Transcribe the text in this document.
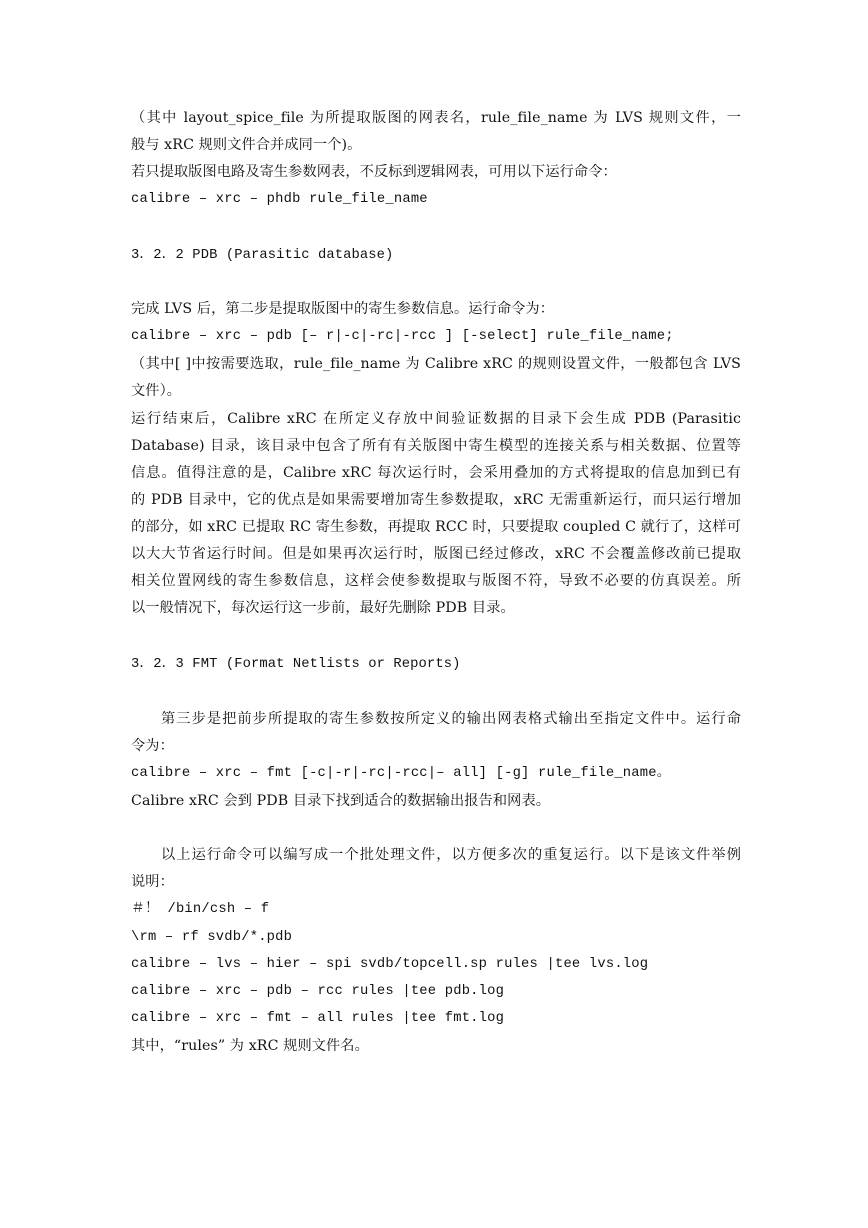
（其中 layout_spice_file 为所提取版图的网表名，rule_file_name 为 LVS 规则文件，一
般与 xRC 规则文件合并成同一个)。
若只提取版图电路及寄生参数网表，不反标到逻辑网表，可用以下运行命令：
calibre – xrc – phdb rule_file_name
3．2．2 PDB (Parasitic database)
完成 LVS 后，第二步是提取版图中的寄生参数信息。运行命令为：
calibre – xrc – pdb [– r|-c|-rc|-rcc ] [-select] rule_file_name;
（其中[ ]中按需要选取，rule_file_name 为 Calibre xRC 的规则设置文件，一般都包含 LVS
文件）。
运行结束后，Calibre xRC 在所定义存放中间验证数据的目录下会生成 PDB (Parasitic
Database) 目录，该目录中包含了所有有关版图中寄生模型的连接关系与相关数据、位置等
信息。值得注意的是，Calibre xRC 每次运行时，会采用叠加的方式将提取的信息加到已有
的 PDB 目录中，它的优点是如果需要增加寄生参数提取，xRC 无需重新运行，而只运行增加
的部分，如 xRC 已提取 RC 寄生参数，再提取 RCC 时，只要提取 coupled C 就行了，这样可
以大大节省运行时间。但是如果再次运行时，版图已经过修改，xRC 不会覆盖修改前已提取
相关位置网线的寄生参数信息，这样会使参数提取与版图不符，导致不必要的仿真误差。所
以一般情况下，每次运行这一步前，最好先删除 PDB 目录。
3．2．3 FMT (Format Netlists or Reports)
第三步是把前步所提取的寄生参数按所定义的输出网表格式输出至指定文件中。运行命
令为：
calibre – xrc – fmt [-c|-r|-rc|-rcc|– all] [-g] rule_file_name。
Calibre xRC 会到 PDB 目录下找到适合的数据输出报告和网表。
以上运行命令可以编写成一个批处理文件，以方便多次的重复运行。以下是该文件举例
说明：
＃！ /bin/csh – f
\rm – rf svdb/*.pdb
calibre – lvs – hier – spi svdb/topcell.sp rules |tee lvs.log
calibre – xrc – pdb – rcc rules |tee pdb.log
calibre – xrc – fmt – all rules |tee fmt.log
其中，“rules” 为 xRC 规则文件名。
